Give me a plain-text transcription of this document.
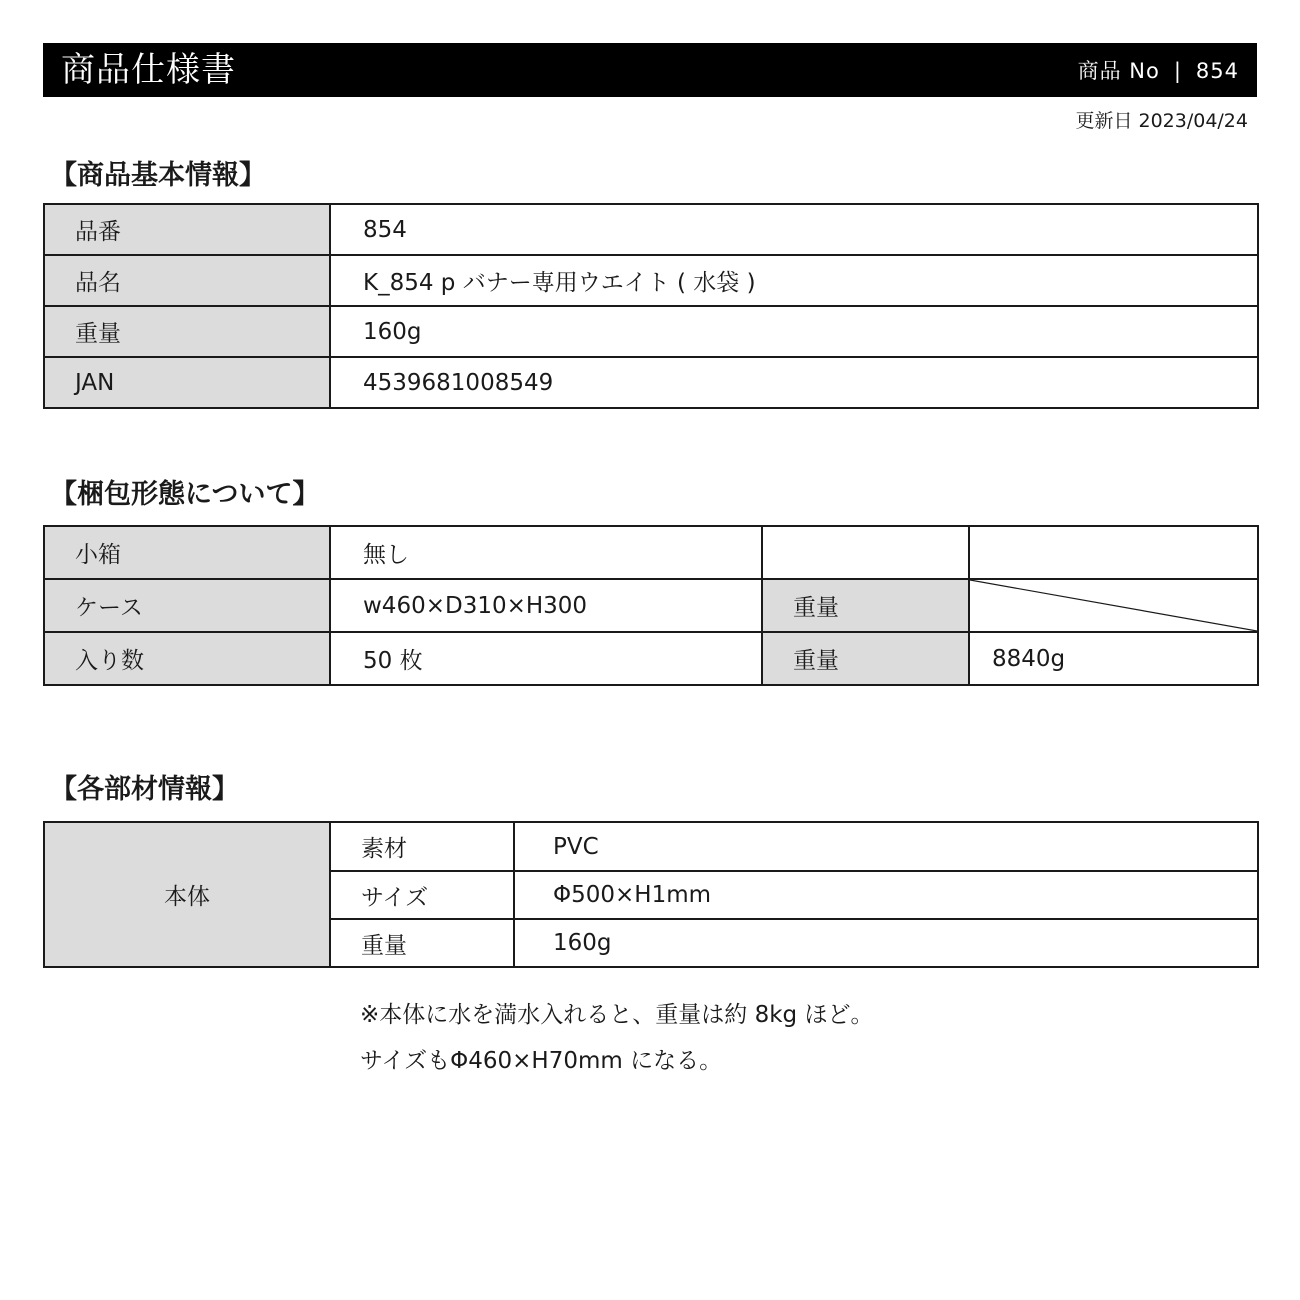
商品仕様書	商品 No | 854
更新日 2023/04/24
【商品基本情報】
品番	854

品名	K_854 p バナー専用ウエイト ( 水袋 )

重量	160g

JAN	4539681008549
【梱包形態について】
小箱	無し		

ケース	w460×D310×H300	重量

入り数	50 枚	重量	8840g
【各部材情報】
本体	素材	PVC

	サイズ	Φ500×H1mm

	重量	160g
※本体に水を満水入れると、重量は約 8kg ほど。
サイズもΦ460×H70mm になる。
